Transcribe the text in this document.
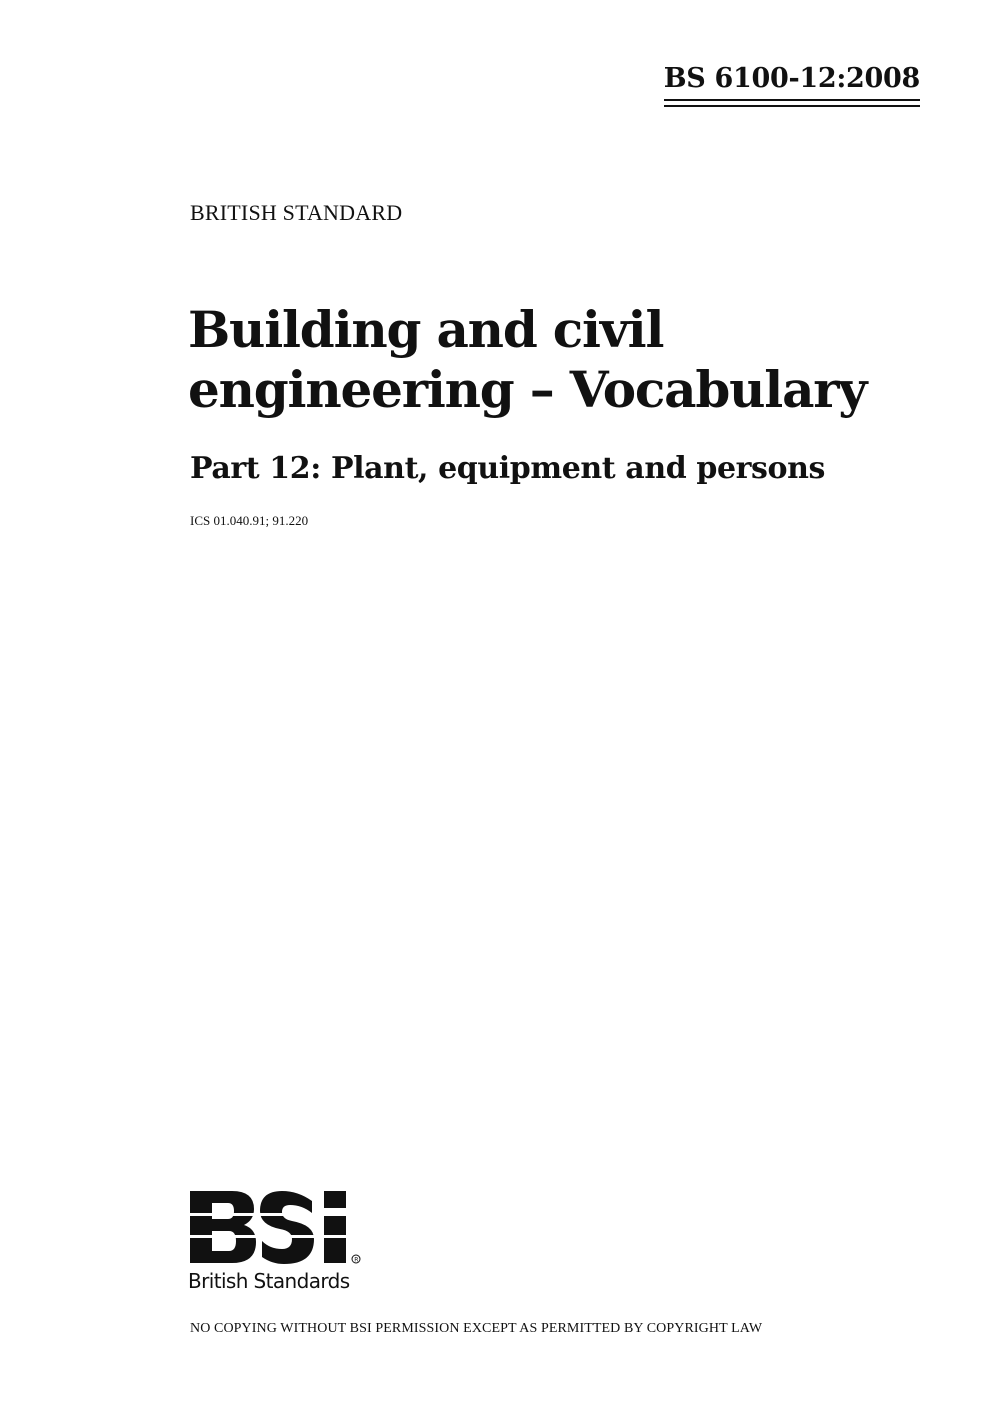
BS 6100-12:2008
BRITISH STANDARD
Building and civil engineering – Vocabulary
Part 12: Plant, equipment and persons
ICS 01.040.91; 91.220
R
British Standards
NO COPYING WITHOUT BSI PERMISSION EXCEPT AS PERMITTED BY COPYRIGHT LAW
